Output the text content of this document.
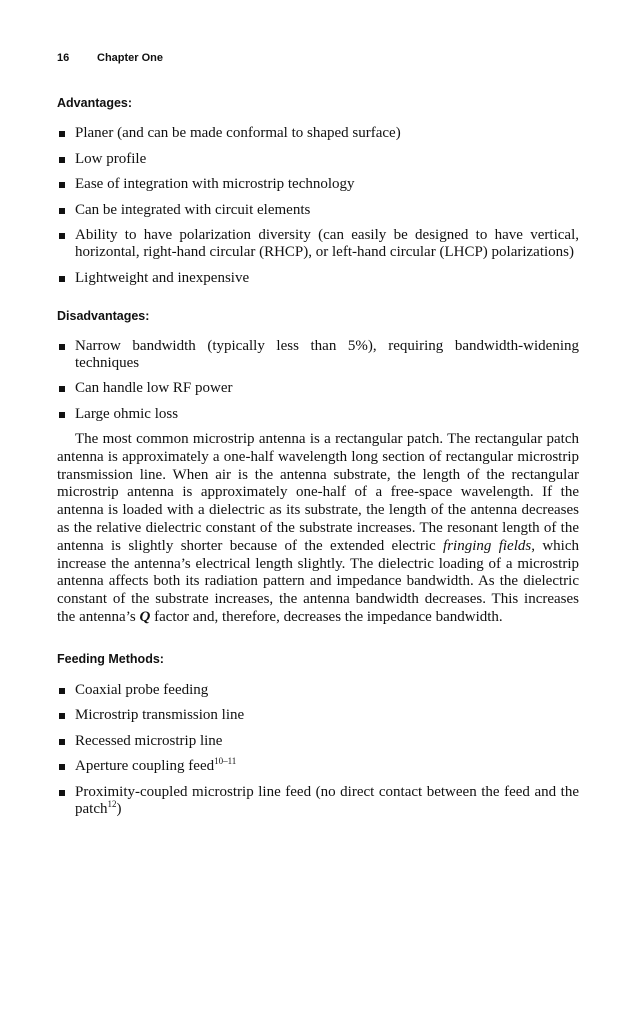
16	Chapter One
Advantages:
Planer (and can be made conformal to shaped surface)
Low profile
Ease of integration with microstrip technology
Can be integrated with circuit elements
Ability to have polarization diversity (can easily be designed to have vertical, horizontal, right-hand circular (RHCP), or left-hand circular (LHCP) polarizations)
Lightweight and inexpensive
Disadvantages:
Narrow bandwidth (typically less than 5%), requiring bandwidth-widening techniques
Can handle low RF power
Large ohmic loss

The most common microstrip antenna is a rectangular patch. The rectangular patch antenna is approximately a one-half wavelength long section of rectangular microstrip transmission line. When air is the antenna substrate, the length of the rectangular microstrip antenna is approximately one-half of a free-space wavelength. If the antenna is loaded with a dielectric as its substrate, the length of the antenna decreases as the relative dielectric constant of the substrate increases. The resonant length of the antenna is slightly shorter because of the extended electric fringing fields, which increase the antenna’s electrical length slightly. The dielectric loading of a microstrip antenna affects both its radiation pattern and impedance bandwidth. As the dielectric constant of the substrate increases, the antenna bandwidth decreases. This increases the antenna’s Q factor and, therefore, decreases the impedance bandwidth.

Feeding Methods:
Coaxial probe feeding
Microstrip transmission line
Recessed microstrip line
Aperture coupling feed$^{10-11}$
Proximity-coupled microstrip line feed (no direct contact between the feed and the patch$^{12}$)
